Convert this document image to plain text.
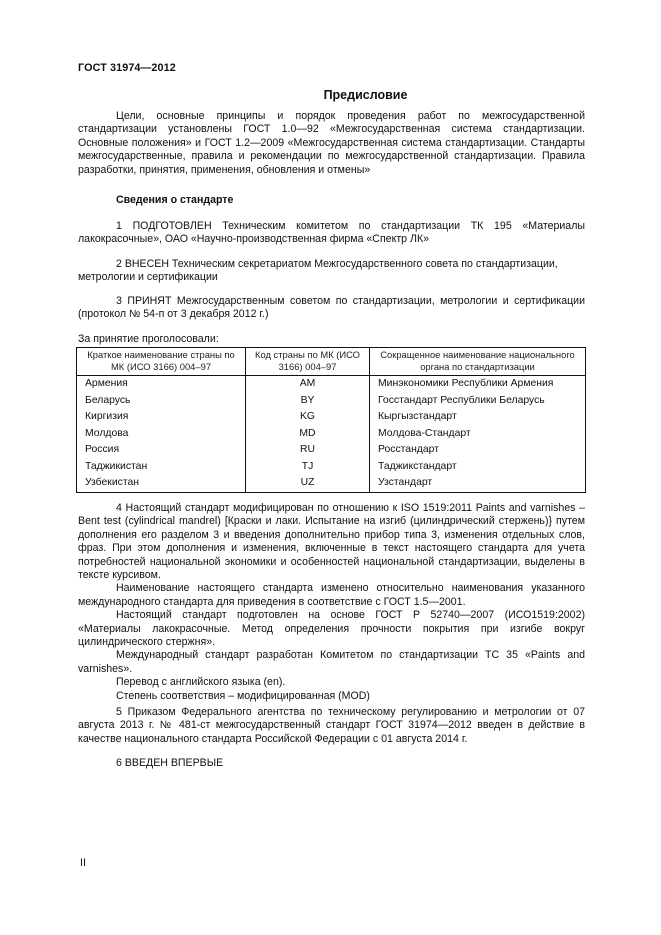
ГОСТ 31974—2012
Предисловие

Цели, основные принципы и порядок проведения работ по межгосударственной стандартизации установлены ГОСТ 1.0—92 «Межгосударственная система стандартизации. Основные положения» и ГОСТ 1.2—2009 «Межгосударственная система стандартизации. Стандарты межгосударственные, правила и рекомендации по межгосударственной стандартизации. Правила разработки, принятия, применения, обновления и отмены»

Сведения о стандарте

1 ПОДГОТОВЛЕН Техническим комитетом по стандартизации ТК 195 «Материалы лакокрасочные», ОАО «Научно-производственная фирма «Спектр ЛК»

2 ВНЕСЕН Техническим секретариатом Межгосударственного совета по стандартизации, метрологии и сертификации

3 ПРИНЯТ Межгосударственным советом по стандартизации, метрологии и сертификации (протокол № 54-п от 3 декабря 2012 г.)

За принятие проголосовали:
Краткое наименование страны по МК (ИСО 3166) 004–97	Код страны по МК (ИСО 3166) 004–97	Сокращенное наименование национального органа по стандартизации
Армения	AM	Минэкономики Республики Армения
Беларусь	BY	Госстандарт Республики Беларусь
Киргизия	KG	Кыргызстандарт
Молдова	MD	Молдова-Стандарт
Россия	RU	Росстандарт
Таджикистан	TJ	Таджикстандарт
Узбекистан	UZ	Узстандарт

4 Настоящий стандарт модифицирован по отношению к ISO 1519:2011 Paints and varnishes – Bent test (cylindrical mandrel) [Краски и лаки. Испытание на изгиб (цилиндрический стержень)} путем дополнения его разделом 3 и введения дополнительно прибор типа 3, изменения отдельных слов, фраз. При этом дополнения и изменения, включенные в текст настоящего стандарта для учета потребностей национальной экономики и особенностей национальной стандартизации, выделены в тексте курсивом.

Наименование настоящего стандарта изменено относительно наименования указанного международного стандарта для приведения в соответствие с ГОСТ 1.5—2001.

Настоящий стандарт подготовлен на основе ГОСТ Р 52740—2007 (ИСО1519:2002) «Материалы лакокрасочные. Метод определения прочности покрытия при изгибе вокруг цилиндрического стержня».

Международный стандарт разработан Комитетом по стандартизации ТС 35 «Paints and varnishes».

Перевод с английского языка (en).

Степень соответствия – модифицированная (MOD)

5 Приказом Федерального агентства по техническому регулированию и метрологии от 07 августа 2013 г. № 481-ст межгосударственный стандарт ГОСТ 31974—2012 введен в действие в качестве национального стандарта Российской Федерации с 01 августа 2014 г.

6 ВВЕДЕН ВПЕРВЫЕ

II
